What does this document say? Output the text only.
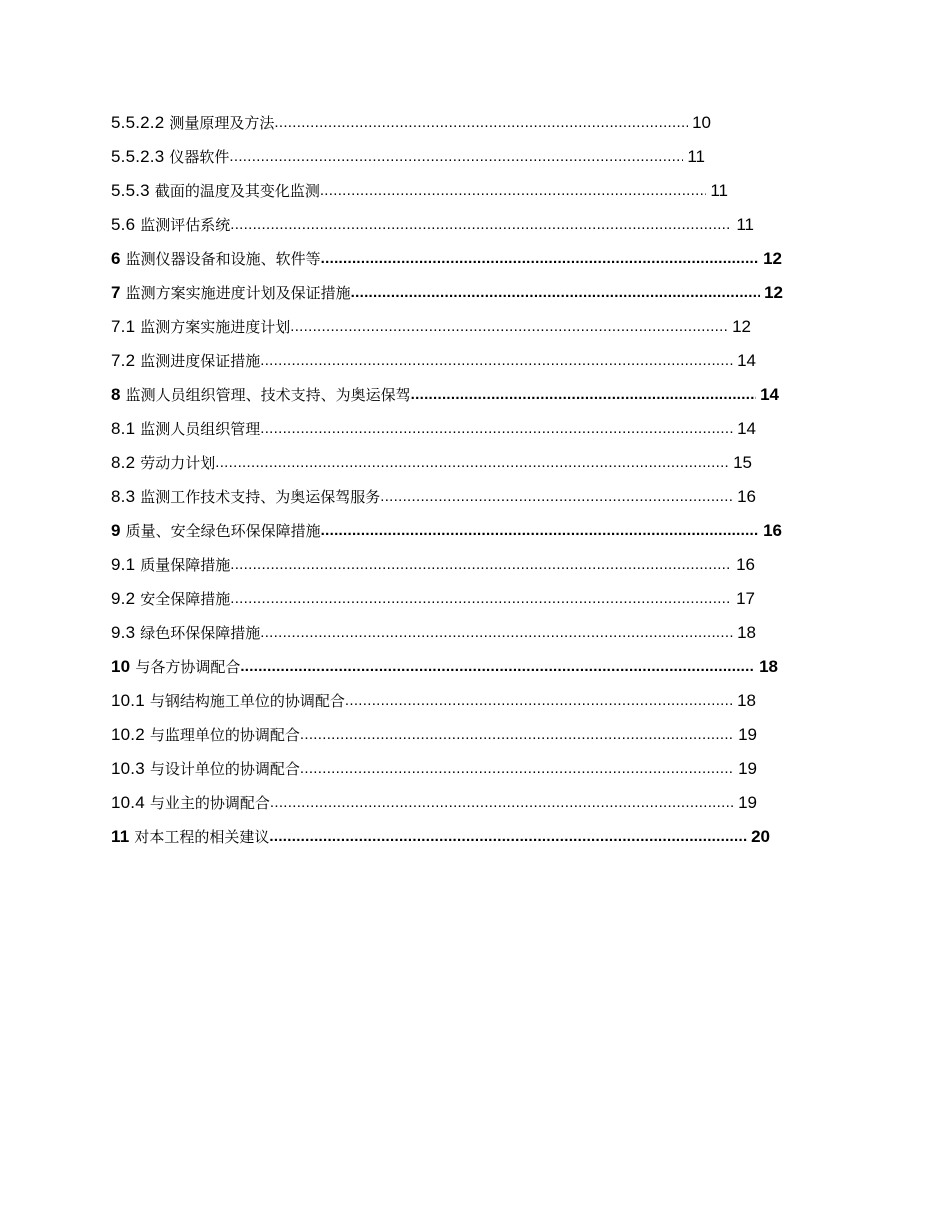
5.5.2.2 测量原理及方法 .....	10
5.5.2.3 仪器软件 .....	11
5.5.3 截面的温度及其变化监测 .....	11
5.6 监测评估系统 .....	11
6 监测仪器设备和设施、软件等 .....	12
7 监测方案实施进度计划及保证措施 .....	12
7.1 监测方案实施进度计划 .....	12
7.2 监测进度保证措施 .....	14
8 监测人员组织管理、技术支持、为奥运保驾 .....	14
8.1 监测人员组织管理 .....	14
8.2 劳动力计划 .....	15
8.3 监测工作技术支持、为奥运保驾服务 .....	16
9 质量、安全绿色环保保障措施 .....	16
9.1 质量保障措施 .....	16
9.2 安全保障措施 .....	17
9.3 绿色环保保障措施 .....	18
10 与各方协调配合 .....	18
10.1 与钢结构施工单位的协调配合 .....	18
10.2 与监理单位的协调配合 .....	19
10.3 与设计单位的协调配合 .....	19
10.4 与业主的协调配合 .....	19
11 对本工程的相关建议 .....	20
